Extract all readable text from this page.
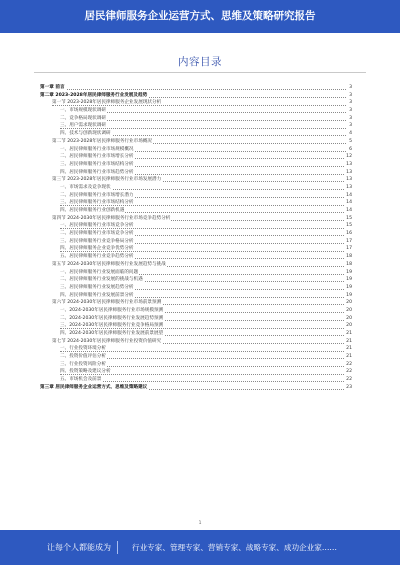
居民律师服务企业运营方式、思维及策略研究报告
内容目录
第一章 前言	3
第二章 2023-2028年居民律师服务行业发展及趋势	3
第一节 2023-2028年居民律师服务企业发展现状分析	3
一、市场规模现状调研	3
二、竞争格局现状调研	3
三、用户需求现状调研	3
四、技术与创新现状调研	4
第二节 2023-2028年居民律师服务行业市场概况	5
一、居民律师服务行业市场规模概况	6
二、居民律师服务行业市场增长分析	12
三、居民律师服务行业市场结构分析	13
四、居民律师服务行业市场趋势分析	13
第三节 2023-2028年居民律师服务行业市场发展潜力	13
一、市场需求及竞争现状	13
二、居民律师服务行业市场增长潜力	14
三、居民律师服务行业市场结构分析	14
四、居民律师服务行业创新机遇	14
第四节 2024-2030年居民律师服务行业市场竞争趋势分析	15
一、居民律师服务行业市场竞争分析	15
二、居民律师服务行业市场竞争分析	16
三、居民律师服务行业竞争格局分析	17
四、居民律师服务企业竞争优势分析	17
五、居民律师服务行业竞争趋势分析	18
第五节 2024-2030年居民律师服务行业发展趋势与挑战	18
一、居民律师服务行业发展面临的问题	19
二、居民律师服务行业发展的挑战与机遇	19
三、居民律师服务行业发展趋势分析	19
四、居民律师服务行业发展前景分析	19
第六节 2024-2030年居民律师服务行业市场前景预测	20
一、2024-2030年居民律师服务行业市场规模预测	20
二、2024-2030年居民律师服务行业发展趋势预测	20
三、2024-2030年居民律师服务行业竞争格局预测	20
四、2024-2030年居民律师服务行业发展前景展望	21
第七节 2024-2030年居民律师服务行业投资价值研究	21
一、行业投资环境分析	21
二、投资价值评估分析	21
三、行业投资风险分析	22
四、投资策略及建议分析	22
五、市场机会及前景	22
第三章 居民律师服务企业运营方式、思维及策略建议	23
1
让每个人都能成为	行业专家、管理专家、营销专家、战略专家、成功企业家……
